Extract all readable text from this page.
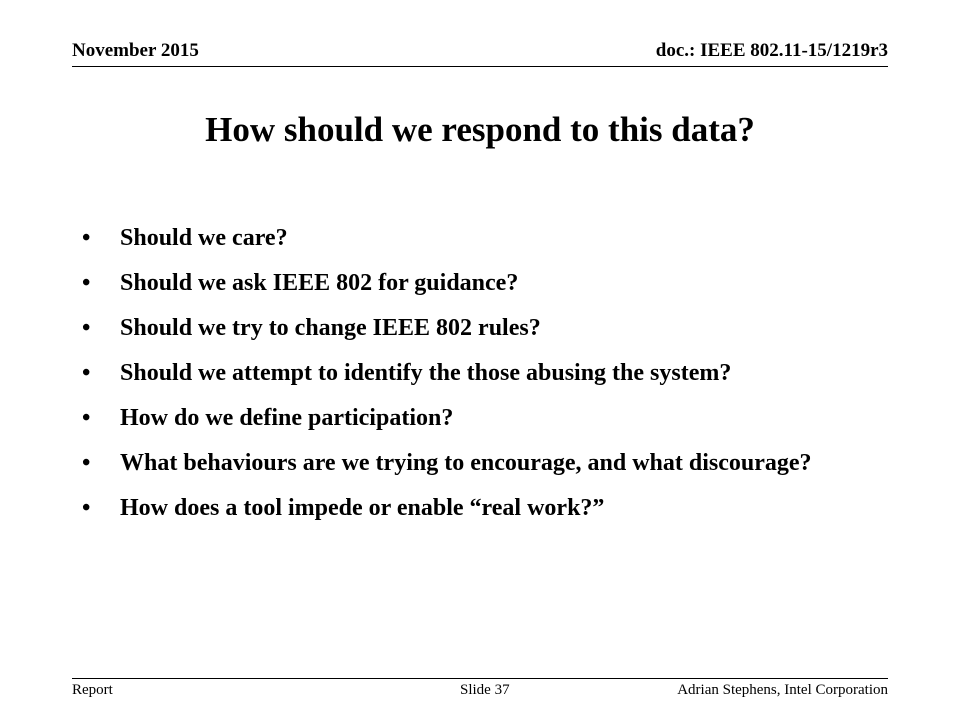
November 2015	doc.: IEEE 802.11-15/1219r3
How should we respond to this data?
• Should we care?
• Should we ask IEEE 802 for guidance?
• Should we try to change IEEE 802 rules?
• Should we attempt to identify the those abusing the system?
• How do we define participation?
• What behaviours are we trying to encourage, and what discourage?
• How does a tool impede or enable “real work?”
Report	Slide 37	Adrian Stephens, Intel Corporation
